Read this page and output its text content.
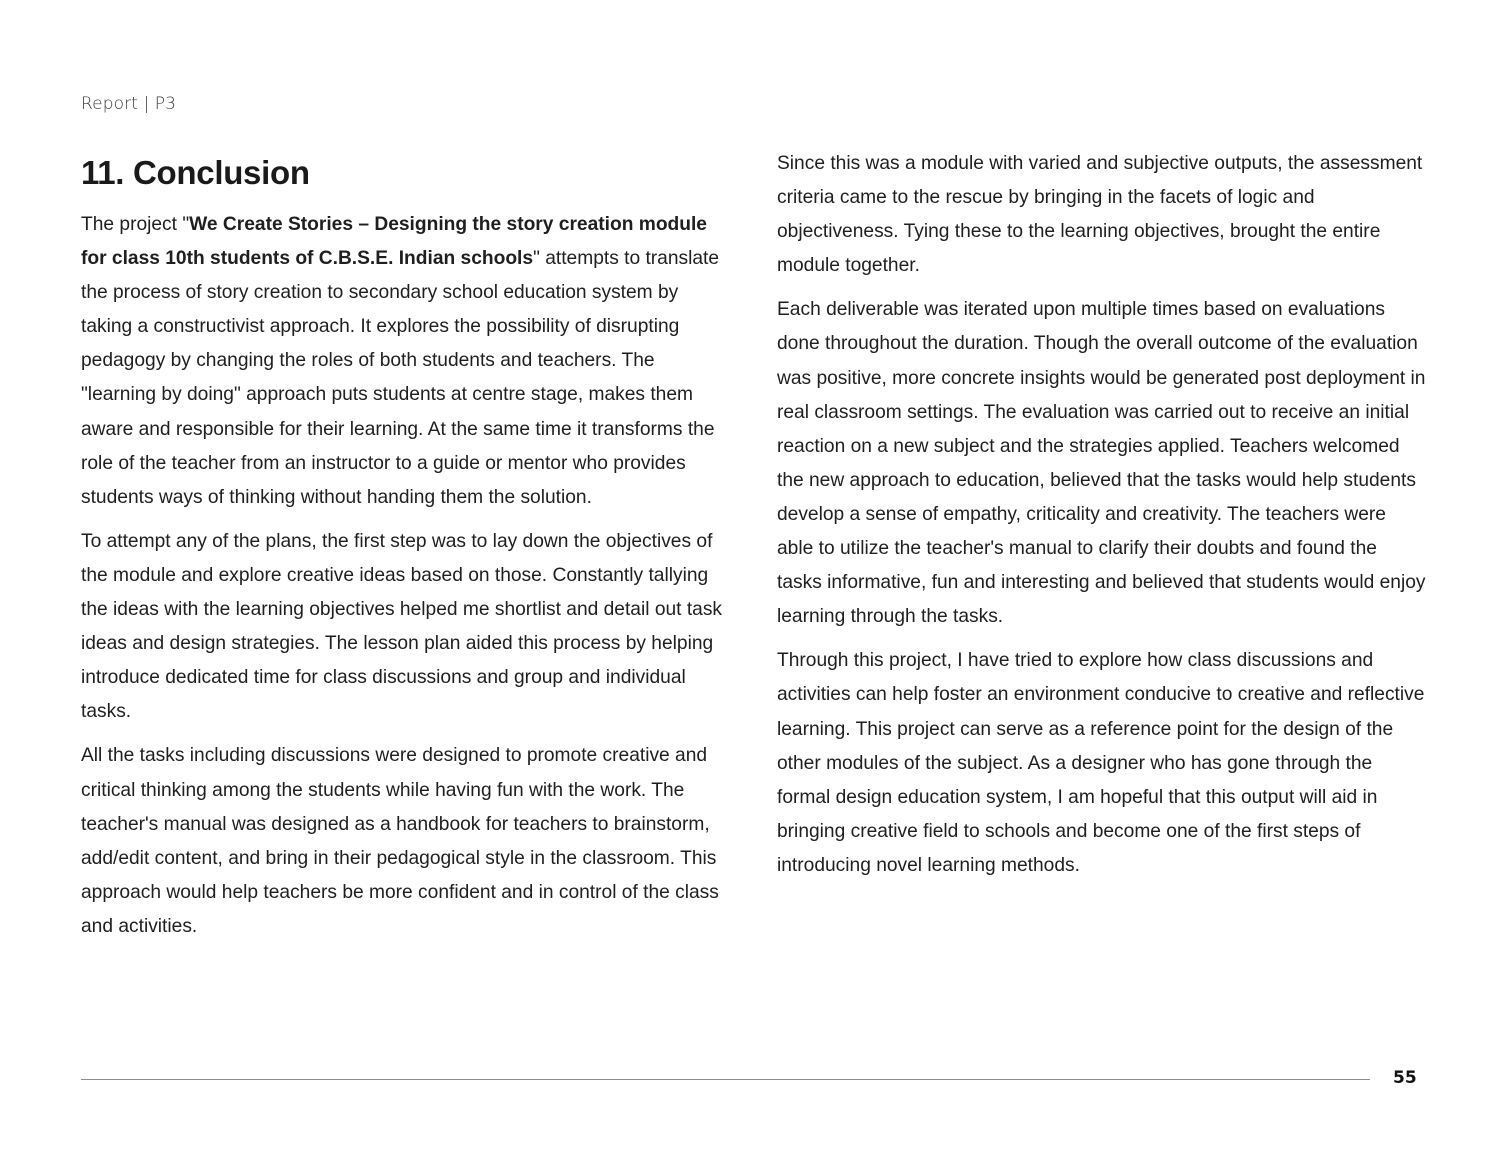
Report | P3
11. Conclusion

The project "We Create Stories – Designing the story creation module for class 10th students of C.B.S.E. Indian schools" attempts to translate the process of story creation to secondary school education system by taking a constructivist approach. It explores the possibility of disrupting pedagogy by changing the roles of both students and teachers. The "learning by doing" approach puts students at centre stage, makes them aware and responsible for their learning. At the same time it transforms the role of the teacher from an instructor to a guide or mentor who provides students ways of thinking without handing them the solution.

To attempt any of the plans, the first step was to lay down the objectives of the module and explore creative ideas based on those. Constantly tallying the ideas with the learning objectives helped me shortlist and detail out task ideas and design strategies. The lesson plan aided this process by helping introduce dedicated time for class discussions and group and individual tasks.

All the tasks including discussions were designed to promote creative and critical thinking among the students while having fun with the work. The teacher's manual was designed as a handbook for teachers to brainstorm, add/edit content, and bring in their pedagogical style in the classroom. This approach would help teachers be more confident and in control of the class and activities.

Since this was a module with varied and subjective outputs, the assessment criteria came to the rescue by bringing in the facets of logic and objectiveness. Tying these to the learning objectives, brought the entire module together.

Each deliverable was iterated upon multiple times based on evaluations done throughout the duration. Though the overall outcome of the evaluation was positive, more concrete insights would be generated post deployment in real classroom settings. The evaluation was carried out to receive an initial reaction on a new subject and the strategies applied. Teachers welcomed the new approach to education, believed that the tasks would help students develop a sense of empathy, criticality and creativity. The teachers were able to utilize the teacher's manual to clarify their doubts and found the tasks informative, fun and interesting and believed that students would enjoy learning through the tasks.

Through this project, I have tried to explore how class discussions and activities can help foster an environment conducive to creative and reflective learning. This project can serve as a reference point for the design of the other modules of the subject. As a designer who has gone through the formal design education system, I am hopeful that this output will aid in bringing creative field to schools and become one of the first steps of introducing novel learning methods.

55
